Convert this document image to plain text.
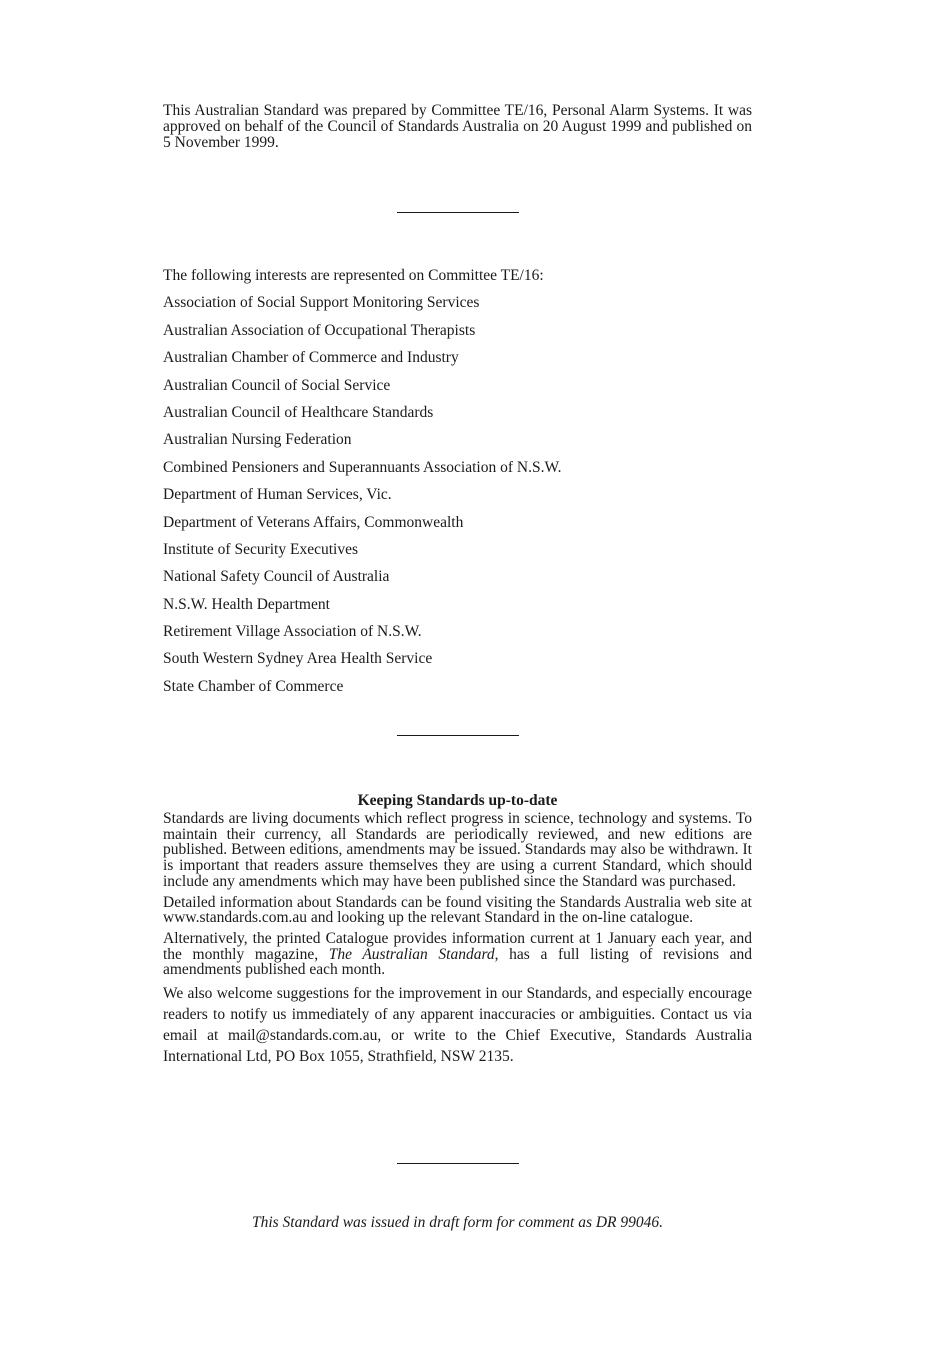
This Australian Standard was prepared by Committee TE/16, Personal Alarm Systems. It was approved on behalf of the Council of Standards Australia on 20 August 1999 and published on 5 November 1999.

The following interests are represented on Committee TE/16:

Association of Social Support Monitoring Services
Australian Association of Occupational Therapists
Australian Chamber of Commerce and Industry
Australian Council of Social Service
Australian Council of Healthcare Standards
Australian Nursing Federation
Combined Pensioners and Superannuants Association of N.S.W.
Department of Human Services, Vic.
Department of Veterans Affairs, Commonwealth
Institute of Security Executives
National Safety Council of Australia
N.S.W. Health Department
Retirement Village Association of N.S.W.
South Western Sydney Area Health Service
State Chamber of Commerce

Keeping Standards up-to-date

Standards are living documents which reflect progress in science, technology and systems. To maintain their currency, all Standards are periodically reviewed, and new editions are published. Between editions, amendments may be issued. Standards may also be withdrawn. It is important that readers assure themselves they are using a current Standard, which should include any amendments which may have been published since the Standard was purchased.

Detailed information about Standards can be found visiting the Standards Australia web site at www.standards.com.au and looking up the relevant Standard in the on-line catalogue.

Alternatively, the printed Catalogue provides information current at 1 January each year, and the monthly magazine, The Australian Standard, has a full listing of revisions and amendments published each month.

We also welcome suggestions for the improvement in our Standards, and especially encourage readers to notify us immediately of any apparent inaccuracies or ambiguities. Contact us via email at mail@standards.com.au, or write to the Chief Executive, Standards Australia International Ltd, PO Box 1055, Strathfield, NSW 2135.

This Standard was issued in draft form for comment as DR 99046.
